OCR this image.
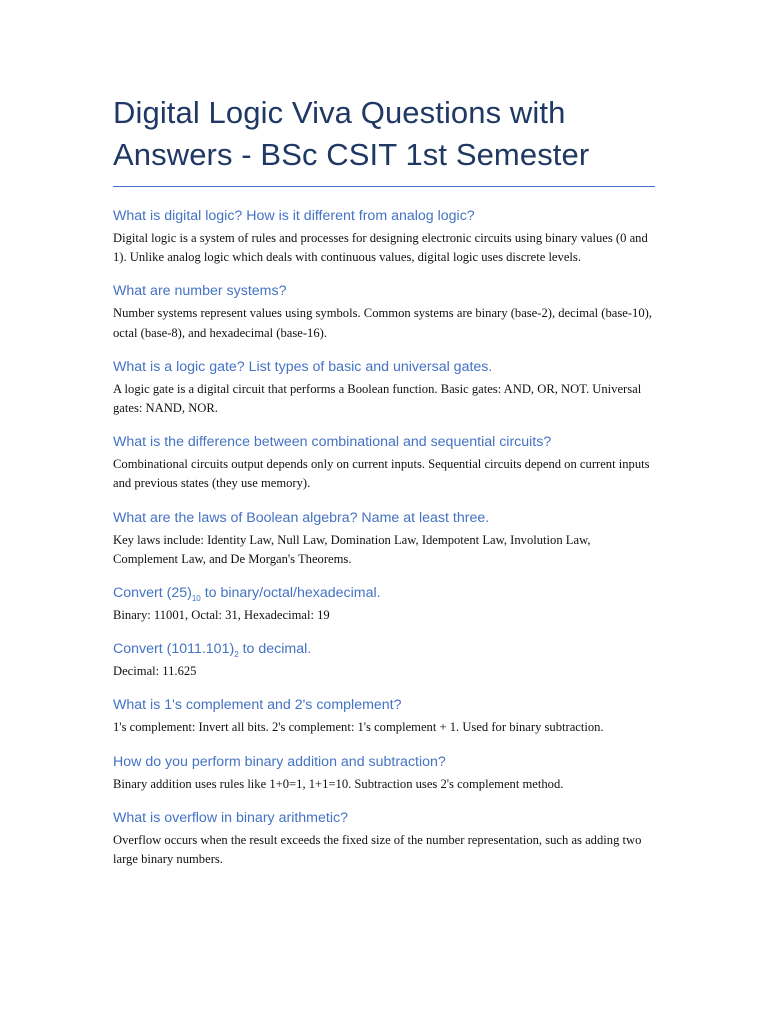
Digital Logic Viva Questions with
Answers - BSc CSIT 1st Semester

What is digital logic? How is it different from analog logic?

Digital logic is a system of rules and processes for designing electronic circuits using binary values (0 and 1). Unlike analog logic which deals with continuous values, digital logic uses discrete levels.

What are number systems?

Number systems represent values using symbols. Common systems are binary (base-2), decimal (base-10), octal (base-8), and hexadecimal (base-16).

What is a logic gate? List types of basic and universal gates.

A logic gate is a digital circuit that performs a Boolean function. Basic gates: AND, OR, NOT. Universal gates: NAND, NOR.

What is the difference between combinational and sequential circuits?

Combinational circuits output depends only on current inputs. Sequential circuits depend on current inputs and previous states (they use memory).

What are the laws of Boolean algebra? Name at least three.

Key laws include: Identity Law, Null Law, Domination Law, Idempotent Law, Involution Law, Complement Law, and De Morgan's Theorems.

Convert $(25)_{10}$ to binary/octal/hexadecimal.

Binary: 11001, Octal: 31, Hexadecimal: 19

Convert $(1011.101)_2$ to decimal.

Decimal: 11.625

What is 1's complement and 2's complement?

1's complement: Invert all bits. 2's complement: 1's complement + 1. Used for binary subtraction.

How do you perform binary addition and subtraction?

Binary addition uses rules like 1+0=1, 1+1=10. Subtraction uses 2's complement method.

What is overflow in binary arithmetic?

Overflow occurs when the result exceeds the fixed size of the number representation, such as adding two large binary numbers.
